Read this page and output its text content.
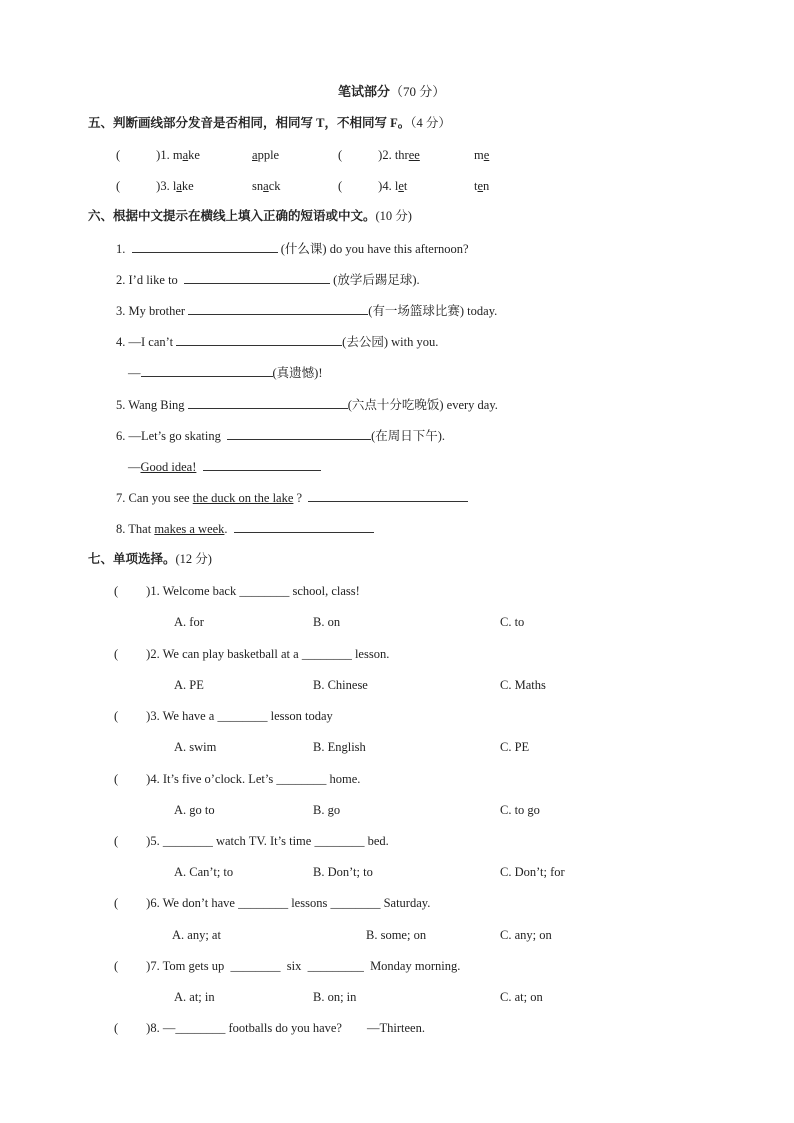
笔试部分（70 分）
五、判断画线部分发音是否相同，相同写 T，不相同写 F。（4 分）
(	)1. make	apple	(	)2. three	me
(	)3. lake	snack	(	)4. let	ten
六、根据中文提示在横线上填入正确的短语或中文。(10 分)
1.	(什么课) do you have this afternoon?
2. I’d like to	(放学后踢足球).
3. My brother	(有一场篮球比赛) today.
4. —I can’t	(去公园) with you.
—	(真遗憾)!
5. Wang Bing	(六点十分吃晚饭) every day.
6. —Let’s go skating	(在周日下午).
—Good idea!
7. Can you see the duck on the lake ?
8. That makes a week.
七、单项选择。(12 分)
( )1. Welcome back ________ school, class!
A. for	B. on	C. to
( )2. We can play basketball at a ________ lesson.
A. PE	B. Chinese	C. Maths
( )3. We have a ________ lesson today
A. swim	B. English	C. PE
( )4. It’s five o’clock. Let’s ________ home.
A. go to	B. go	C. to go
( )5. ________ watch TV. It’s time ________ bed.
A. Can’t; to	B. Don’t; to	C. Don’t; for
( )6. We don’t have ________ lessons ________ Saturday.
A. any; at	B. some; on	C. any; on
( )7. Tom gets up  ________  six  _________  Monday morning.
A. at; in	B. on; in	C. at; on
( )8. —________ footballs do you have?        —Thirteen.
